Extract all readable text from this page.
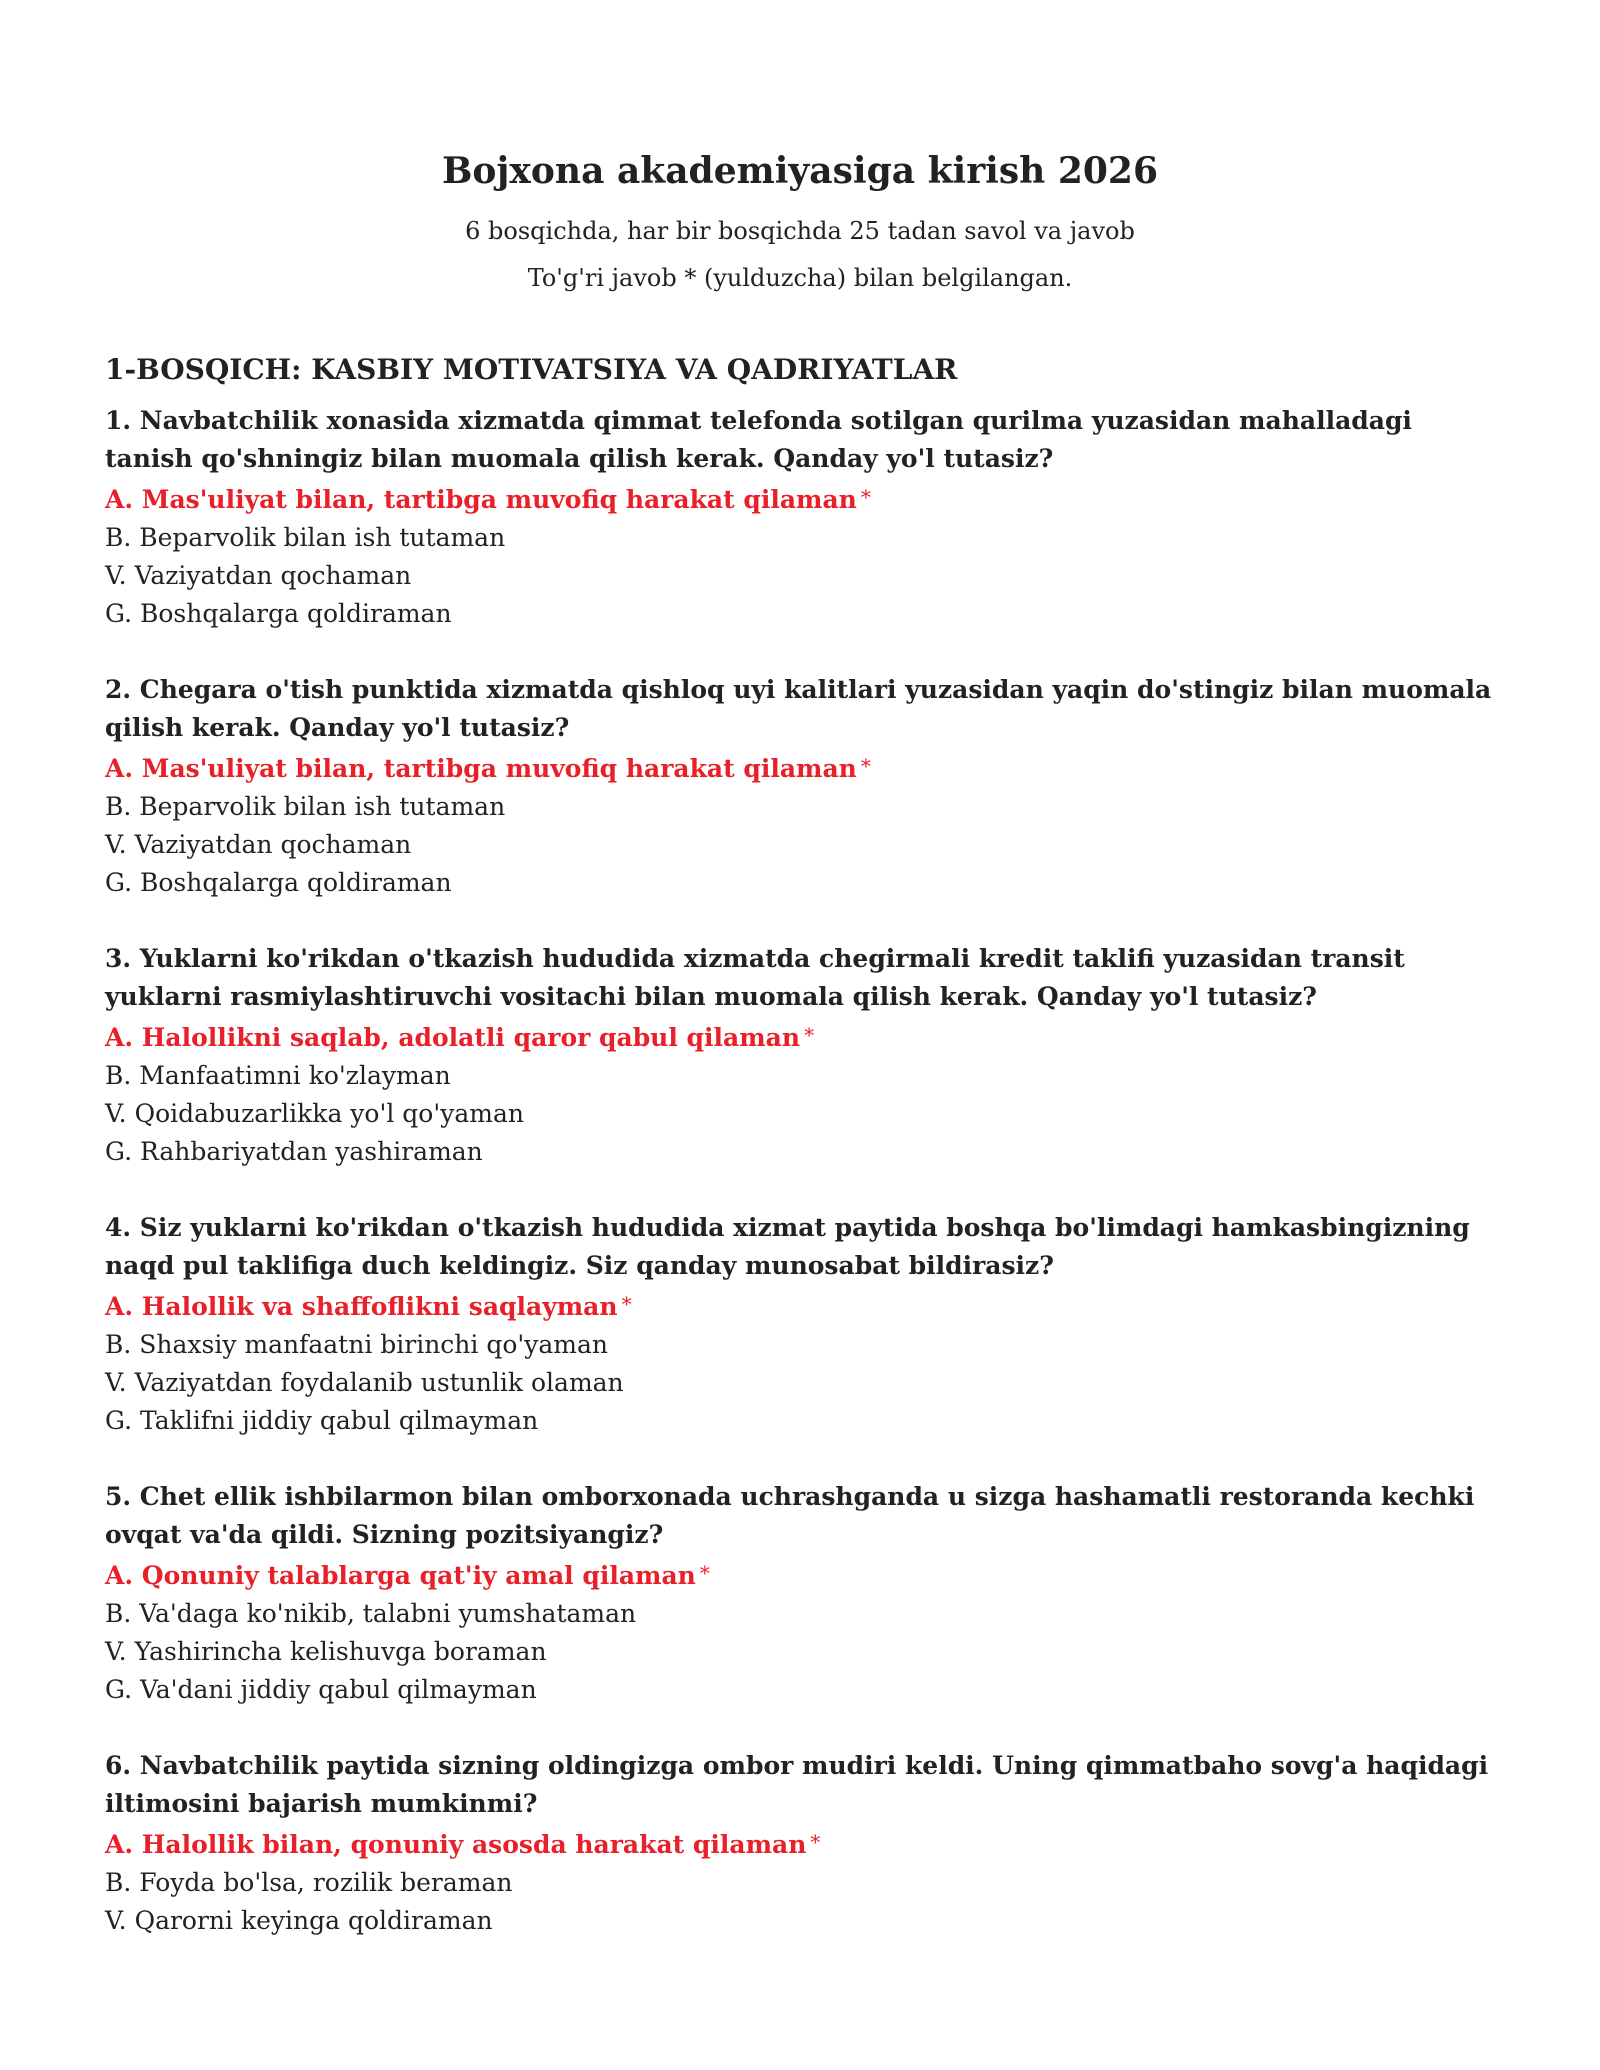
Bojxona akademiyasiga kirish 2026

6 bosqichda, har bir bosqichda 25 tadan savol va javob

To'g'ri javob * (yulduzcha) bilan belgilangan.

1-BOSQICH: KASBIY MOTIVATSIYA VA QADRIYATLAR

1. Navbatchilik xonasida xizmatda qimmat telefonda sotilgan qurilma yuzasidan mahalladagi tanish qo'shningiz bilan muomala qilish kerak. Qanday yo'l tutasiz?

A. Mas'uliyat bilan, tartibga muvofiq harakat qilaman *

B. Beparvolik bilan ish tutaman

V. Vaziyatdan qochaman

G. Boshqalarga qoldiraman

2. Chegara o'tish punktida xizmatda qishloq uyi kalitlari yuzasidan yaqin do'stingiz bilan muomala qilish kerak. Qanday yo'l tutasiz?

A. Mas'uliyat bilan, tartibga muvofiq harakat qilaman *

B. Beparvolik bilan ish tutaman

V. Vaziyatdan qochaman

G. Boshqalarga qoldiraman

3. Yuklarni ko'rikdan o'tkazish hududida xizmatda chegirmali kredit taklifi yuzasidan transit yuklarni rasmiylashtiruvchi vositachi bilan muomala qilish kerak. Qanday yo'l tutasiz?

A. Halollikni saqlab, adolatli qaror qabul qilaman *

B. Manfaatimni ko'zlayman

V. Qoidabuzarlikka yo'l qo'yaman

G. Rahbariyatdan yashiraman

4. Siz yuklarni ko'rikdan o'tkazish hududida xizmat paytida boshqa bo'limdagi hamkasbingizning naqd pul taklifiga duch keldingiz. Siz qanday munosabat bildirasiz?

A. Halollik va shaffoflikni saqlayman *

B. Shaxsiy manfaatni birinchi qo'yaman

V. Vaziyatdan foydalanib ustunlik olaman

G. Taklifni jiddiy qabul qilmayman

5. Chet ellik ishbilarmon bilan omborxonada uchrashganda u sizga hashamatli restoranda kechki ovqat va'da qildi. Sizning pozitsiyangiz?

A. Qonuniy talablarga qat'iy amal qilaman *

B. Va'daga ko'nikib, talabni yumshataman

V. Yashirincha kelishuvga boraman

G. Va'dani jiddiy qabul qilmayman

6. Navbatchilik paytida sizning oldingizga ombor mudiri keldi. Uning qimmatbaho sovg'a haqidagi iltimosini bajarish mumkinmi?

A. Halollik bilan, qonuniy asosda harakat qilaman *

B. Foyda bo'lsa, rozilik beraman

V. Qarorni keyinga qoldiraman
